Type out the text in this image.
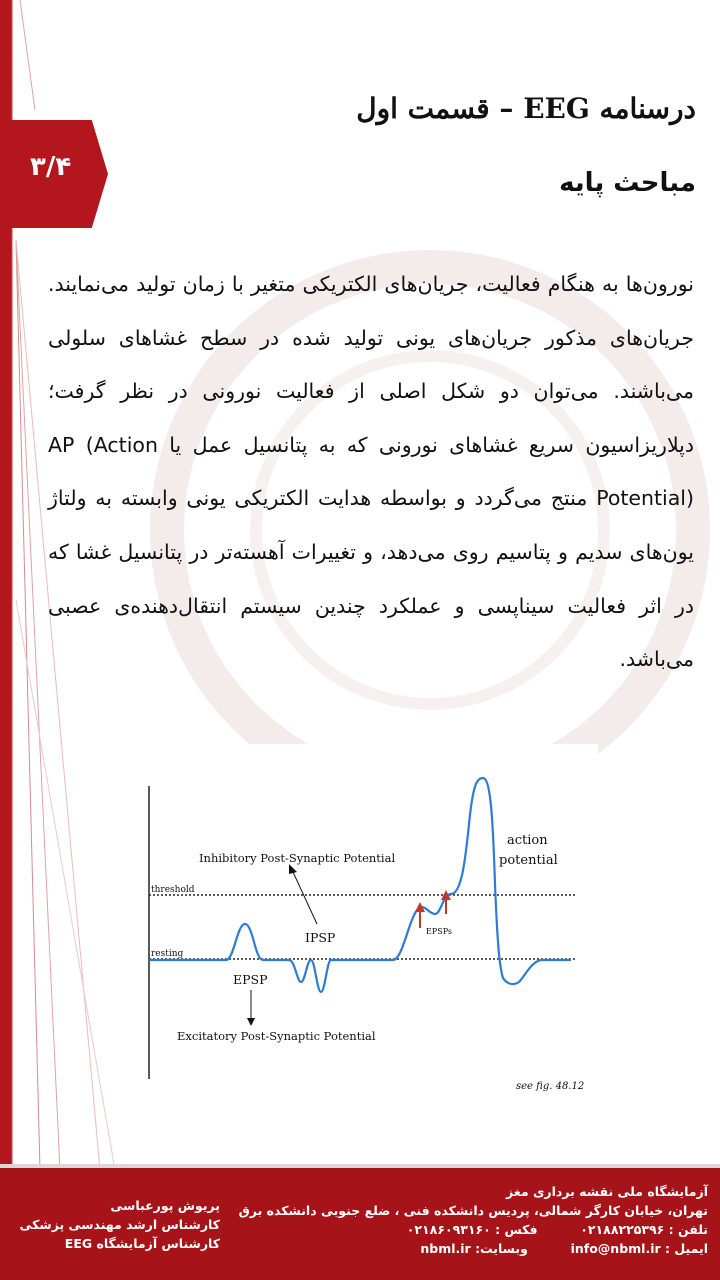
۳/۴
درسنامه EEG – قسمت اول
مباحث پایه
نورون‌ها به هنگام فعالیت، جریان‌های الکتریکی متغیر با زمان تولید می‌نمایند. جریان‌های مذکور جریان‌های یونی تولید شده در سطح غشاهای سلولی می‌باشند. می‌توان دو شکل اصلی از فعالیت نورونی در نظر گرفت؛ دپلاریزاسیون سریع غشاهای نورونی که به پتانسیل عمل یا AP (Action Potential) منتج می‌گردد و بواسطه هدایت الکتریکی یونی وابسته به ولتاژ یون‌های سدیم و پتاسیم روی می‌دهد، و تغییرات آهسته‌تر در پتانسیل غشا که در اثر فعالیت سیناپسی و عملکرد چندین سیستم انتقال‌دهنده‌ی عصبی می‌باشد.
Inhibitory Post-Synaptic Potential
threshold
resting
IPSP
EPSP
EPSPs
Excitatory Post-Synaptic Potential
action
potential
see fig. 48.12
آزمایشگاه ملی نقشه برداری مغز
تهران، خیابان کارگر شمالی، پردیس دانشکده فنی ، ضلع جنوبی دانشکده برق
تلفن : ۰۲۱۸۸۲۲۵۳۹۶  فکس : ۰۲۱۸۶۰۹۳۱۶۰
ایمیل : info@nbml.ir  وبسایت: nbml.ir
پریوش پورعباسی
کارشناس ارشد مهندسی پزشکی
کارشناس آزمایشگاه EEG
